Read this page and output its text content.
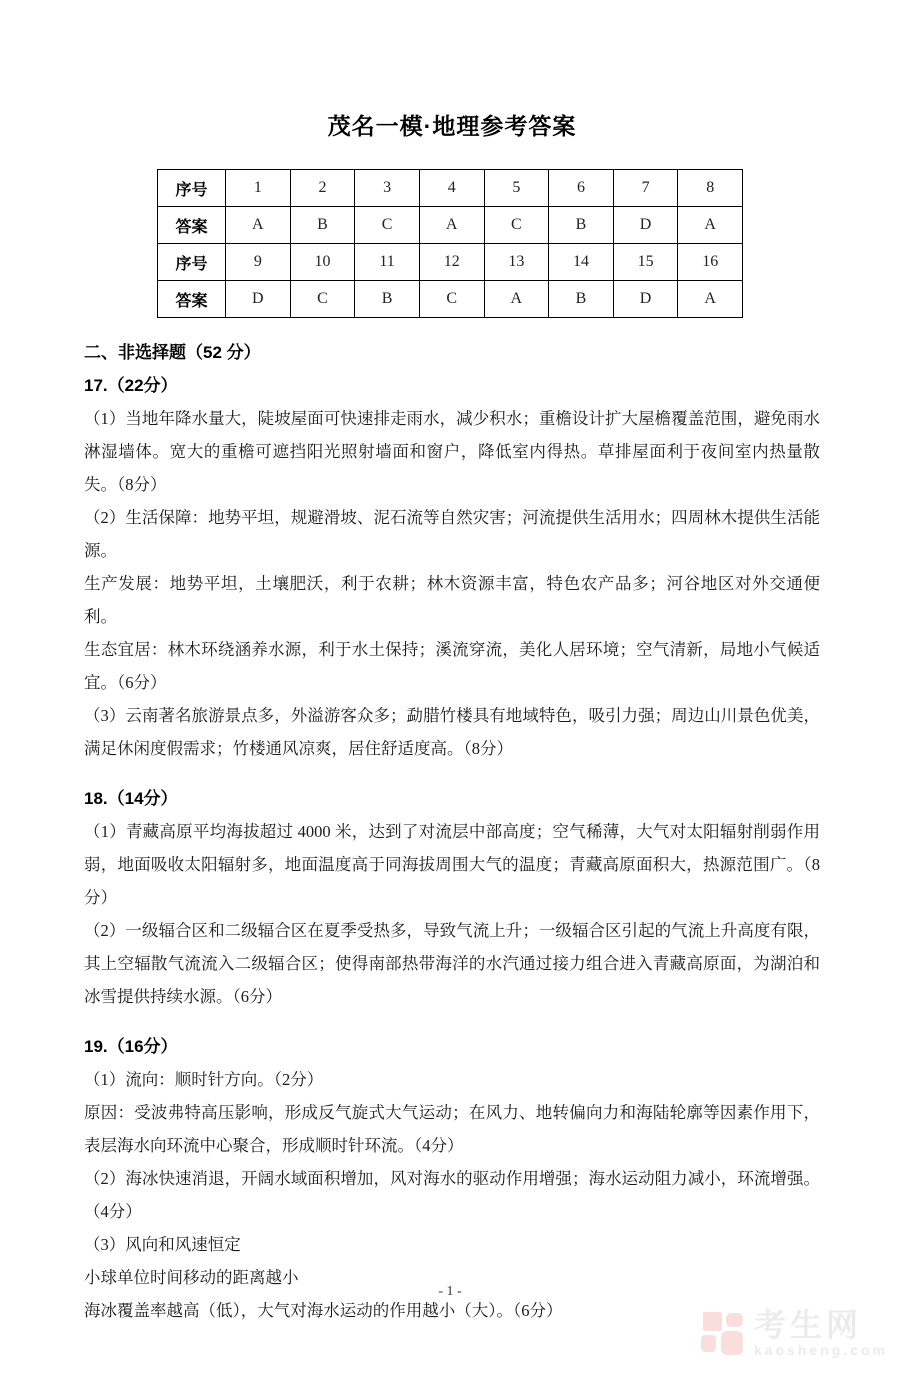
茂名一模·地理参考答案
序号	1	2	3	4	5	6	7	8
答案	A	B	C	A	C	B	D	A
序号	9	10	11	12	13	14	15	16
答案	D	C	B	C	A	B	D	A
二、非选择题（52 分）
17.（22分）

（1）当地年降水量大，陡坡屋面可快速排走雨水，减少积水；重檐设计扩大屋檐覆盖范围，避免雨水淋湿墙体。宽大的重檐可遮挡阳光照射墙面和窗户，降低室内得热。草排屋面利于夜间室内热量散失。（8分）

（2）生活保障：地势平坦，规避滑坡、泥石流等自然灾害；河流提供生活用水；四周林木提供生活能源。

生产发展：地势平坦，土壤肥沃，利于农耕；林木资源丰富，特色农产品多；河谷地区对外交通便利。

生态宜居：林木环绕涵养水源，利于水土保持；溪流穿流，美化人居环境；空气清新，局地小气候适宜。（6分）

（3）云南著名旅游景点多，外溢游客众多；勐腊竹楼具有地域特色，吸引力强；周边山川景色优美，满足休闲度假需求；竹楼通风凉爽，居住舒适度高。（8分）

18.（14分）

（1）青藏高原平均海拔超过 4000 米，达到了对流层中部高度；空气稀薄，大气对太阳辐射削弱作用弱，地面吸收太阳辐射多，地面温度高于同海拔周围大气的温度；青藏高原面积大，热源范围广。（8分）

（2）一级辐合区和二级辐合区在夏季受热多，导致气流上升；一级辐合区引起的气流上升高度有限，其上空辐散气流流入二级辐合区；使得南部热带海洋的水汽通过接力组合进入青藏高原面，为湖泊和冰雪提供持续水源。（6分）

19.（16分）

（1）流向：顺时针方向。（2分）

原因：受波弗特高压影响，形成反气旋式大气运动；在风力、地转偏向力和海陆轮廓等因素作用下，表层海水向环流中心聚合，形成顺时针环流。（4分）

（2）海冰快速消退，开阔水域面积增加，风对海水的驱动作用增强；海水运动阻力减小，环流增强。（4分）

（3）风向和风速恒定

小球单位时间移动的距离越小

海冰覆盖率越高（低），大气对海水运动的作用越小（大）。（6分）

- 1 -
考生网
kaosheng.com
